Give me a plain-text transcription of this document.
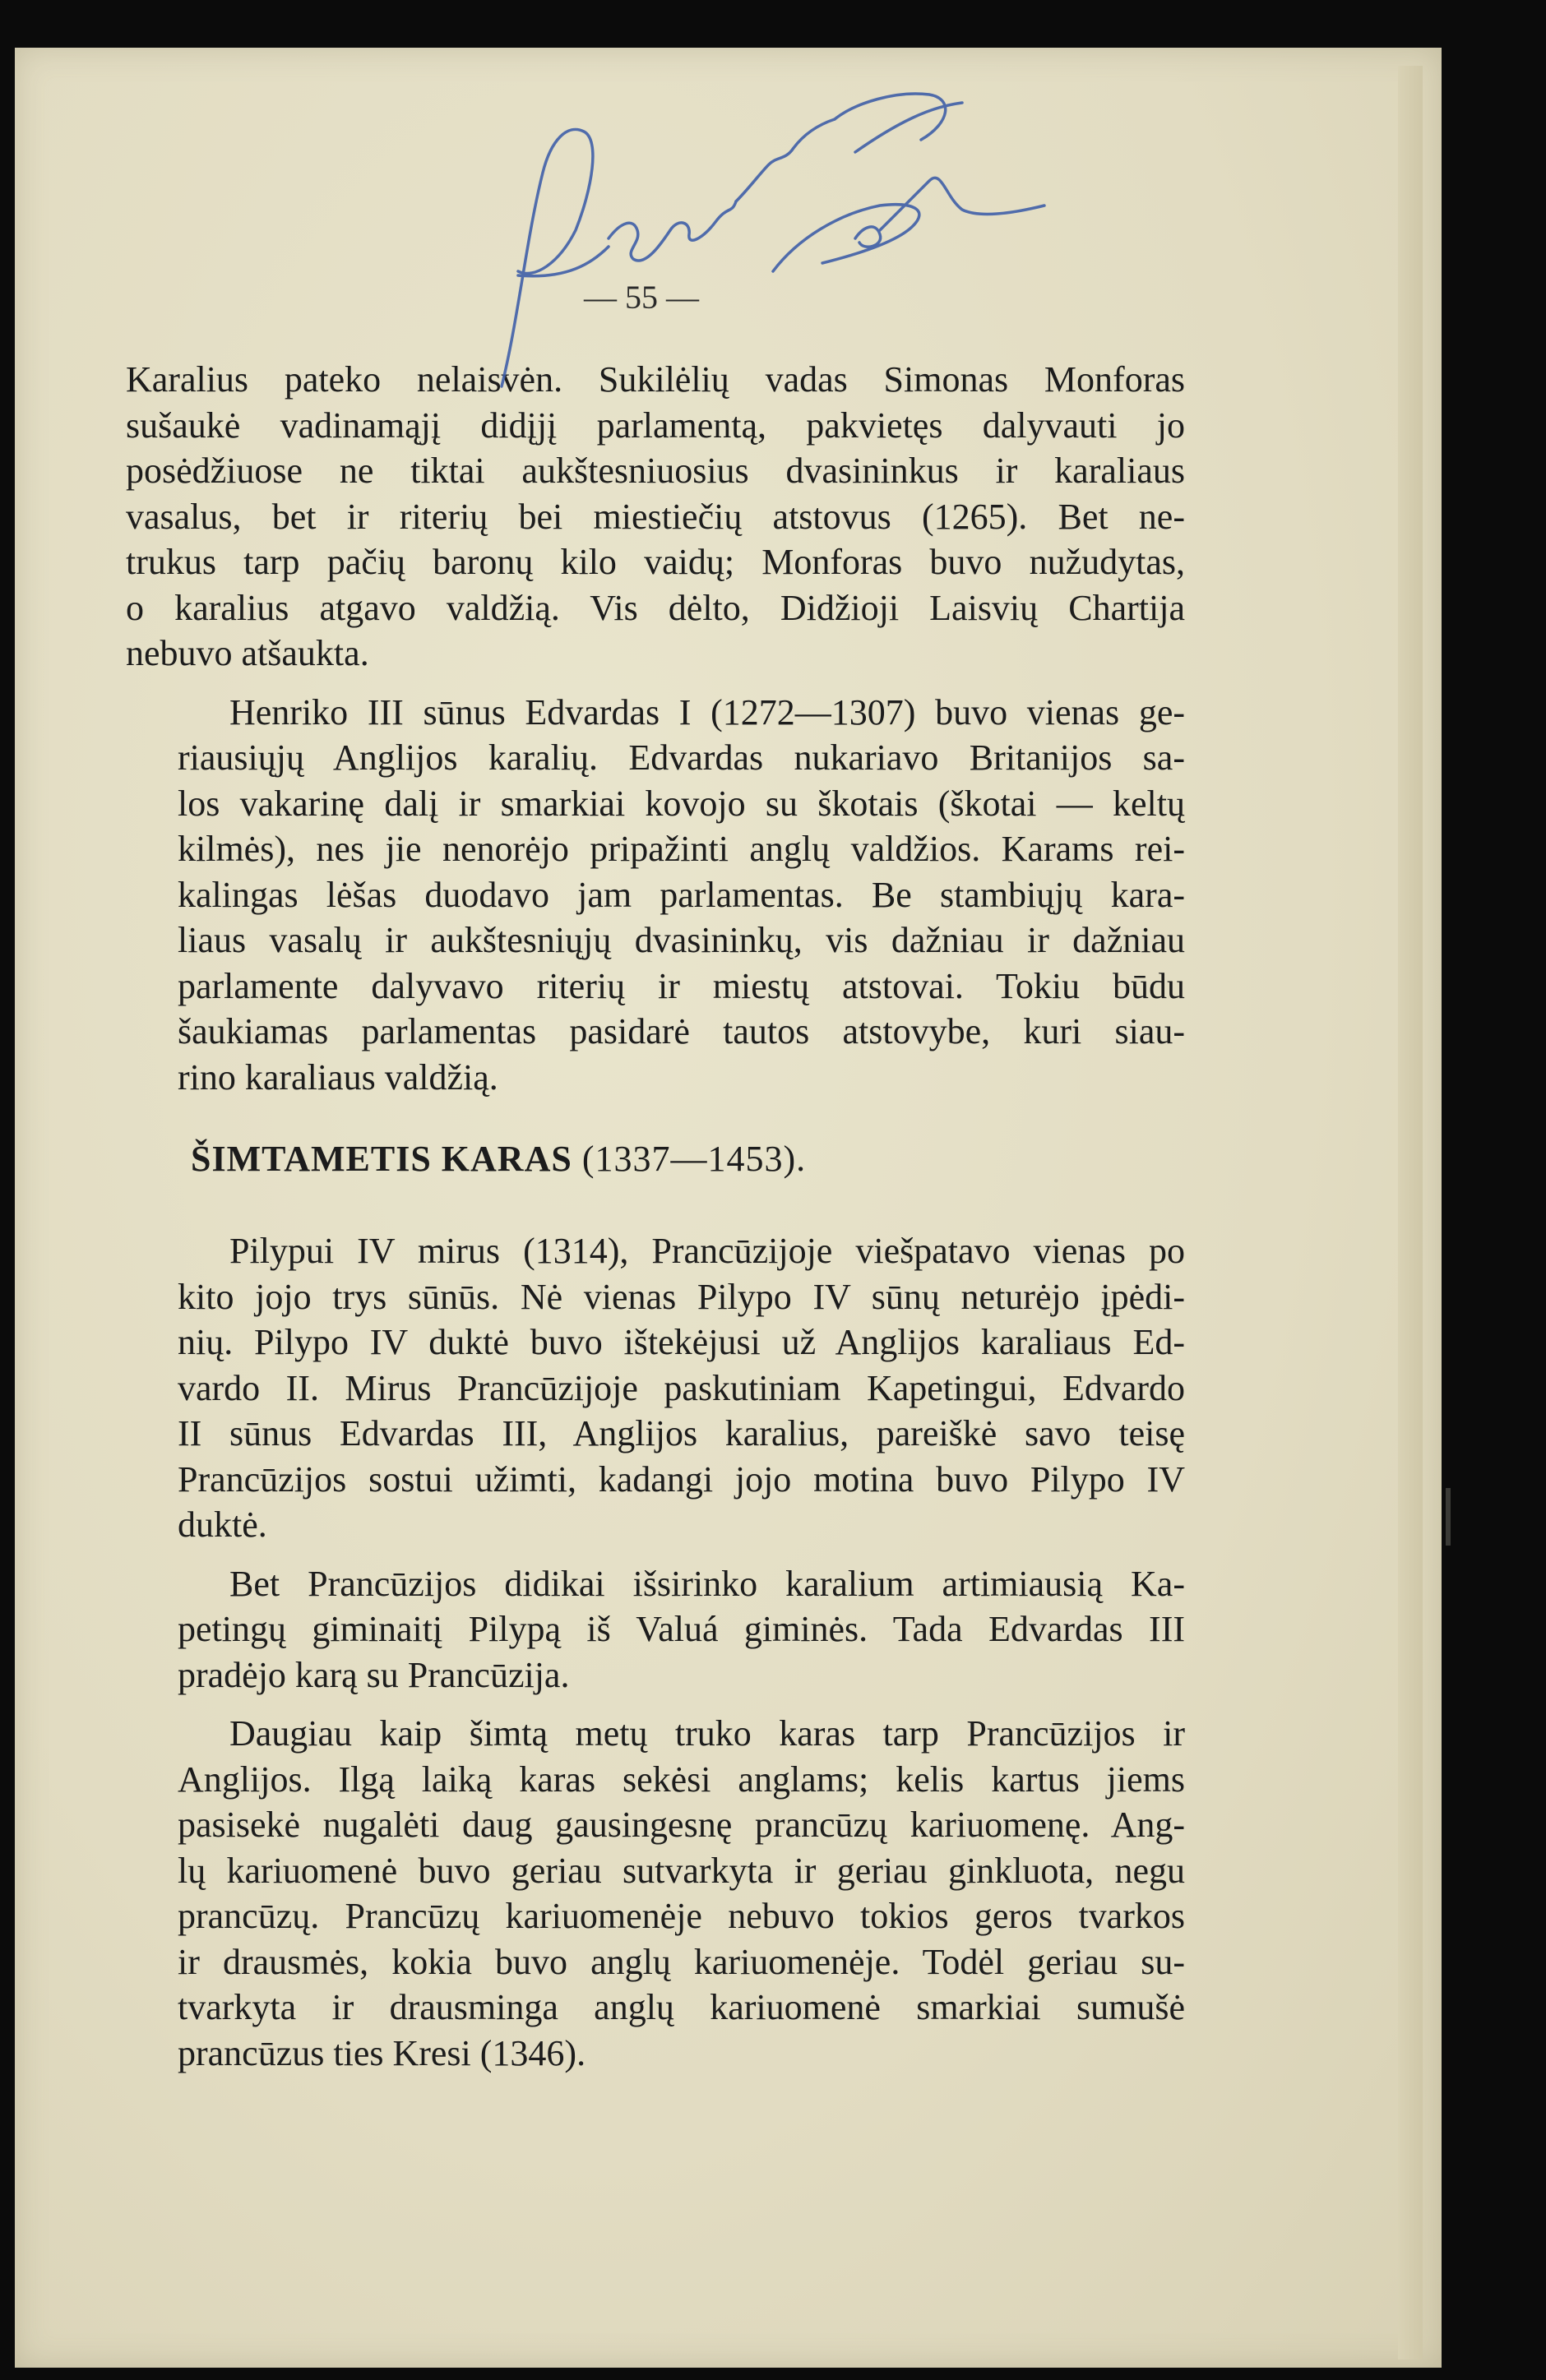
— 55 —
Karalius pateko nelaisvėn. Sukilėlių vadas Simonas Monforas
sušaukė vadinamąjį didįjį parlamentą, pakvietęs dalyvauti jo
posėdžiuose ne tiktai aukštesniuosius dvasininkus ir karaliaus
vasalus, bet ir riterių bei miestiečių atstovus (1265). Bet ne-
trukus tarp pačių baronų kilo vaidų; Monforas buvo nužudytas,
o karalius atgavo valdžią. Vis dėlto, Didžioji Laisvių Chartija
nebuvo atšaukta.
Henriko III sūnus Edvardas I (1272—1307) buvo vienas ge-
riausiųjų Anglijos karalių. Edvardas nukariavo Britanijos sa-
los vakarinę dalį ir smarkiai kovojo su škotais (škotai — keltų
kilmės), nes jie nenorėjo pripažinti anglų valdžios. Karams rei-
kalingas lėšas duodavo jam parlamentas. Be stambiųjų kara-
liaus vasalų ir aukštesniųjų dvasininkų, vis dažniau ir dažniau
parlamente dalyvavo riterių ir miestų atstovai. Tokiu būdu
šaukiamas parlamentas pasidarė tautos atstovybe, kuri siau-
rino karaliaus valdžią.
ŠIMTAMETIS KARAS (1337—1453).
Pilypui IV mirus (1314), Prancūzijoje viešpatavo vienas po
kito jojo trys sūnūs. Nė vienas Pilypo IV sūnų neturėjo įpėdi-
nių. Pilypo IV duktė buvo ištekėjusi už Anglijos karaliaus Ed-
vardo II. Mirus Prancūzijoje paskutiniam Kapetingui, Edvardo
II sūnus Edvardas III, Anglijos karalius, pareiškė savo teisę
Prancūzijos sostui užimti, kadangi jojo motina buvo Pilypo IV
duktė.
Bet Prancūzijos didikai išsirinko karalium artimiausią Ka-
petingų giminaitį Pilypą iš Valuá giminės. Tada Edvardas III
pradėjo karą su Prancūzija.
Daugiau kaip šimtą metų truko karas tarp Prancūzijos ir
Anglijos. Ilgą laiką karas sekėsi anglams; kelis kartus jiems
pasisekė nugalėti daug gausingesnę prancūzų kariuomenę. Ang-
lų kariuomenė buvo geriau sutvarkyta ir geriau ginkluota, negu
prancūzų. Prancūzų kariuomenėje nebuvo tokios geros tvarkos
ir drausmės, kokia buvo anglų kariuomenėje. Todėl geriau su-
tvarkyta ir drausminga anglų kariuomenė smarkiai sumušė
prancūzus ties Kresi (1346).
